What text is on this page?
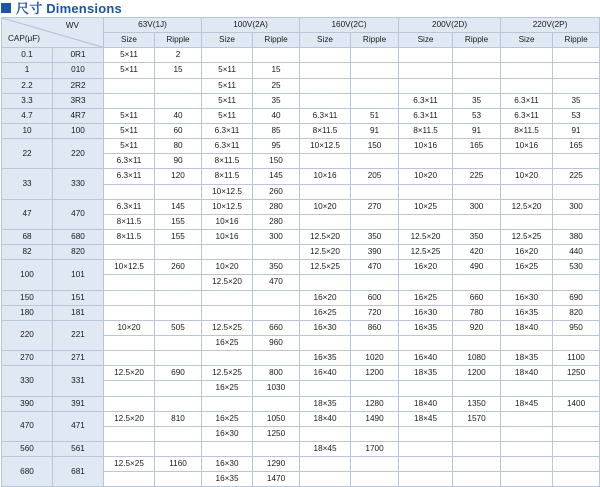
尺寸 Dimensions
WV
CAP(μF)		63V(1J)		100V(2A)		160V(2C)		200V(2D)		220V(2P)	
		Size	Ripple	Size	Ripple	Size	Ripple	Size	Ripple	Size	Ripple
0.1	0R1	5×11	2								
1	010	5×11	15	5×11	15						
2.2	2R2			5×11	25						
3.3	3R3			5×11	35			6.3×11	35	6.3×11	35
4.7	4R7	5×11	40	5×11	40	6.3×11	51	6.3×11	53	6.3×11	53
10	100	5×11	60	6.3×11	85	8×11.5	91	8×11.5	91	8×11.5	91
22	220	5×11	80	6.3×11	95	10×12.5	150	10×16	165	10×16	165
		6.3×11	90	8×11.5	150						
33	330	6.3×11	120	8×11.5	145	10×16	205	10×20	225	10×20	225
				10×12.5	260						
47	470	6.3×11	145	10×12.5	280	10×20	270	10×25	300	12.5×20	300
		8×11.5	155	10×16	280						
68	680	8×11.5	155	10×16	300	12.5×20	350	12.5×20	350	12.5×25	380
82	820					12.5×20	390	12.5×25	420	16×20	440
100	101	10×12.5	260	10×20	350	12.5×25	470	16×20	490	16×25	530
				12.5×20	470						
150	151					16×20	600	16×25	660	16×30	690
180	181					16×25	720	16×30	780	16×35	820
220	221	10×20	505	12.5×25	660	16×30	860	16×35	920	18×40	950
				16×25	960						
270	271					16×35	1020	16×40	1080	18×35	1100
330	331	12.5×20	690	12.5×25	800	16×40	1200	18×35	1200	18×40	1250
				16×25	1030						
390	391					18×35	1280	18×40	1350	18×45	1400
470	471	12.5×20	810	16×25	1050	18×40	1490	18×45	1570		
				16×30	1250						
560	561					18×45	1700				
680	681	12.5×25	1160	16×30	1290						
				16×35	1470						
